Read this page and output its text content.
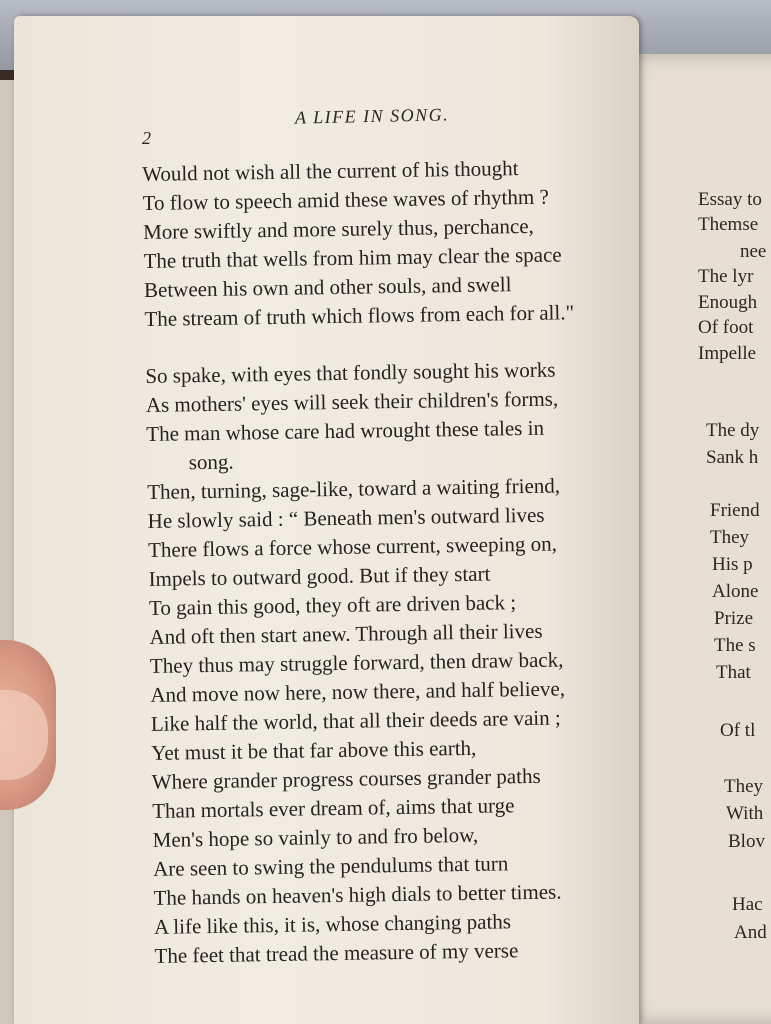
Essay to
Themse
nee
The lyr
Enough
Of foot
Impelle
The dy
Sank h
Friend
They
His p
Alone
Prize
The s
That
Of tl
They
With
Blov
Hac
And
2
A LIFE IN SONG.
Would not wish all the current of his thought
To flow to speech amid these waves of rhythm ?
More swiftly and more surely thus, perchance,
The truth that wells from him may clear the space
Between his own and other souls, and swell
The stream of truth which flows from each for all."
So spake, with eyes that fondly sought his works
As mothers' eyes will seek their children's forms,
The man whose care had wrought these tales in
song.
Then, turning, sage-like, toward a waiting friend,
He slowly said : “ Beneath men's outward lives
There flows a force whose current, sweeping on,
Impels to outward good. But if they start
To gain this good, they oft are driven back ;
And oft then start anew. Through all their lives
They thus may struggle forward, then draw back,
And move now here, now there, and half believe,
Like half the world, that all their deeds are vain ;
Yet must it be that far above this earth,
Where grander progress courses grander paths
Than mortals ever dream of, aims that urge
Men's hope so vainly to and fro below,
Are seen to swing the pendulums that turn
The hands on heaven's high dials to better times.
A life like this, it is, whose changing paths
The feet that tread the measure of my verse
